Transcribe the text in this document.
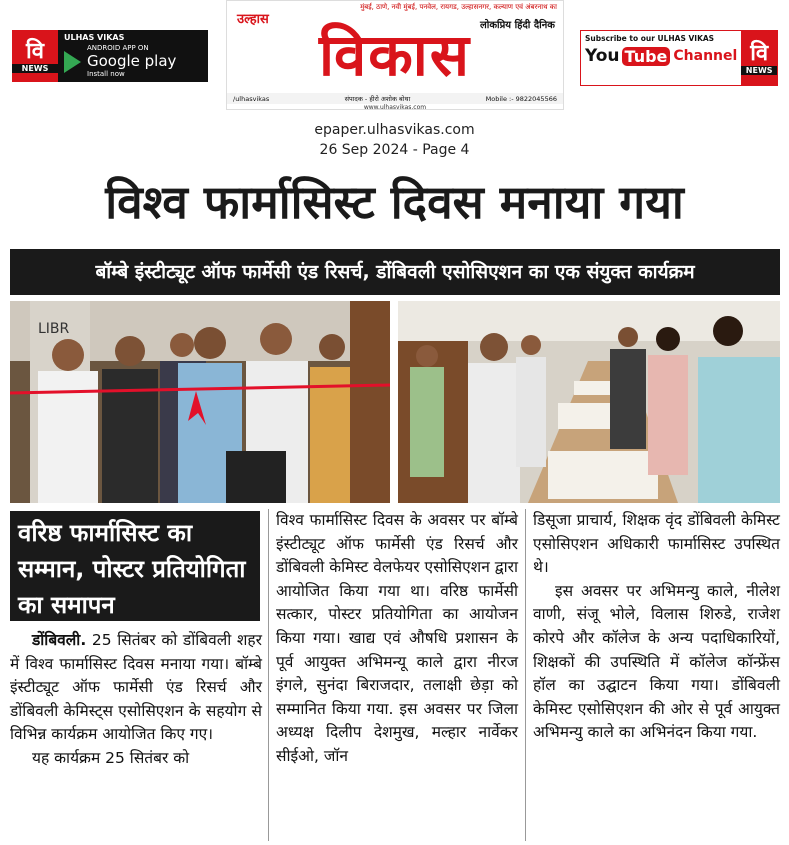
वि
NEWS
ULHAS VIKAS
ANDROID APP ON
Google play
Install now
मुंबई, ठाणे, नवी मुंबई, पनवेल, रायगड, उल्हासनगर, कल्याण एवं अंबरनाथ का
उल्हास	लोकप्रिय हिंदी दैनिक
विकास
/ulhasvikas	संपादक - हीरो अशोक बोथा	Mobile :- 9822045566
www.ulhasvikas.com
Subscribe to our ULHAS VIKAS
You Tube Channel वि
NEWS
epaper.ulhasvikas.com
26 Sep 2024 - Page 4
विश्व फार्मासिस्ट दिवस मनाया गया
बॉम्बे इंस्टीट्यूट ऑफ फार्मेसी एंड रिसर्च, डोंबिवली एसोसिएशन का एक संयुक्त कार्यक्रम
LIBR
वरिष्ठ फार्मासिस्ट का सम्मान, पोस्टर प्रतियोगिता का समापन

डोंबिवली. 25 सितंबर को डोंबिवली शहर में विश्व फार्मासिस्ट दिवस मनाया गया। बॉम्बे इंस्टीट्यूट ऑफ फार्मेसी एंड रिसर्च और डोंबिवली केमिस्ट्स एसोसिएशन के सहयोग से विभिन्न कार्यक्रम आयोजित किए गए।

यह कार्यक्रम 25 सितंबर को

विश्व फार्मासिस्ट दिवस के अवसर पर बॉम्बे इंस्टीट्यूट ऑफ फार्मेसी एंड रिसर्च और डोंबिवली केमिस्ट वेलफेयर एसोसिएशन द्वारा आयोजित किया गया था। वरिष्ठ फार्मेसी सत्कार, पोस्टर प्रतियोगिता का आयोजन किया गया। खाद्य एवं औषधि प्रशासन के पूर्व आयुक्त अभिमन्यू काले द्वारा नीरज इंगले, सुनंदा बिराजदार, तलाक्षी छेड़ा को सम्मानित किया गया. इस अवसर पर जिला अध्यक्ष दिलीप देशमुख, मल्हार नार्वेकर सीईओ, जॉन

डिसूजा प्राचार्य, शिक्षक वृंद डोंबिवली केमिस्ट एसोसिएशन अधिकारी फार्मासिस्ट उपस्थित थे।

इस अवसर पर अभिमन्यु काले, नीलेश वाणी, संजू भोले, विलास शिरुडे, राजेश कोरपे और कॉलेज के अन्य पदाधिकारियों, शिक्षकों की उपस्थिति में कॉलेज कॉन्फ्रेंस हॉल का उद्घाटन किया गया। डोंबिवली केमिस्ट एसोसिएशन की ओर से पूर्व आयुक्त अभिमन्यु काले का अभिनंदन किया गया.
